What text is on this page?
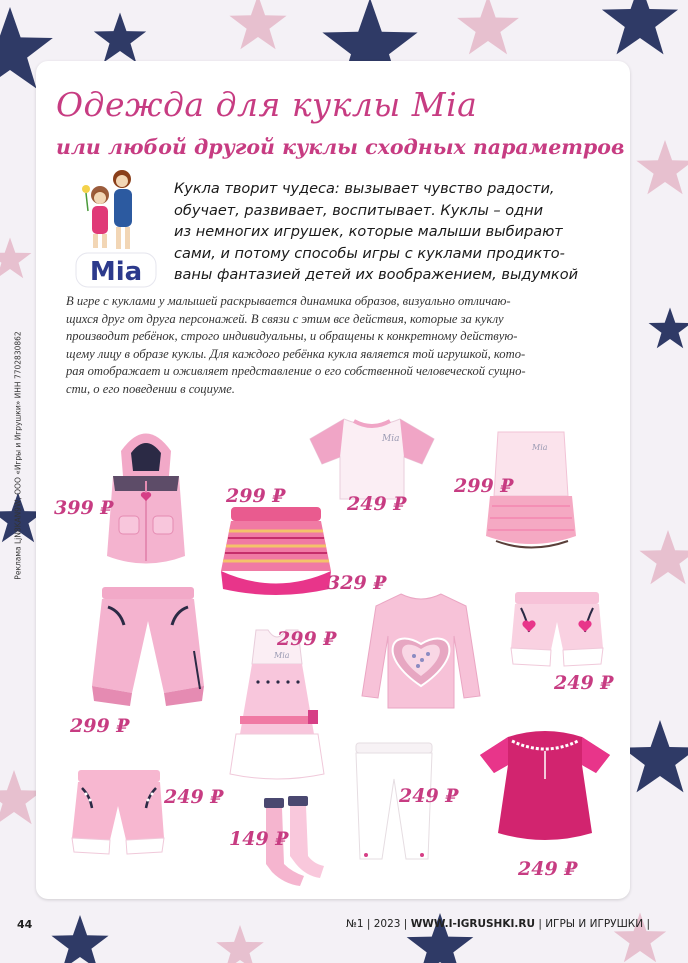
Реклама LjN8KAN9W, ООО «Игры и Игрушки» ИНН 7702830862
Одежда для куклы Mia
или любой другой куклы сходных параметров
Mia

Кукла творит чудеса: вызывает чувство радости,
обучает, развивает, воспитывает. Куклы – одни
из немногих игрушек, которые малыши выбирают
сами, и потому способы игры с куклами продикто-
ваны фантазией детей их воображением, выдумкой

В игре с куклами у малышей раскрывается динамика образов, визуально отличаю-
щихся друг от друга персонажей. В связи с этим все действия, которые за куклу
производит ребёнок, строго индивидуальны, и обращены к конкретному действую-
щему лицу в образе куклы. Для каждого ребёнка кукла является той игрушкой, кото-
рая отображает и оживляет представление о его собственной человеческой сущно-
сти, о его поведении в социуме.

399 ₽
299 ₽
Mia
249 ₽
Mia
299 ₽
299 ₽
Mia
299 ₽
329 ₽
249 ₽
249 ₽
149 ₽
249 ₽
249 ₽
44	№1 | 2023 | WWW.I-IGRUSHKI.RU | ИГРЫ И ИГРУШКИ |
